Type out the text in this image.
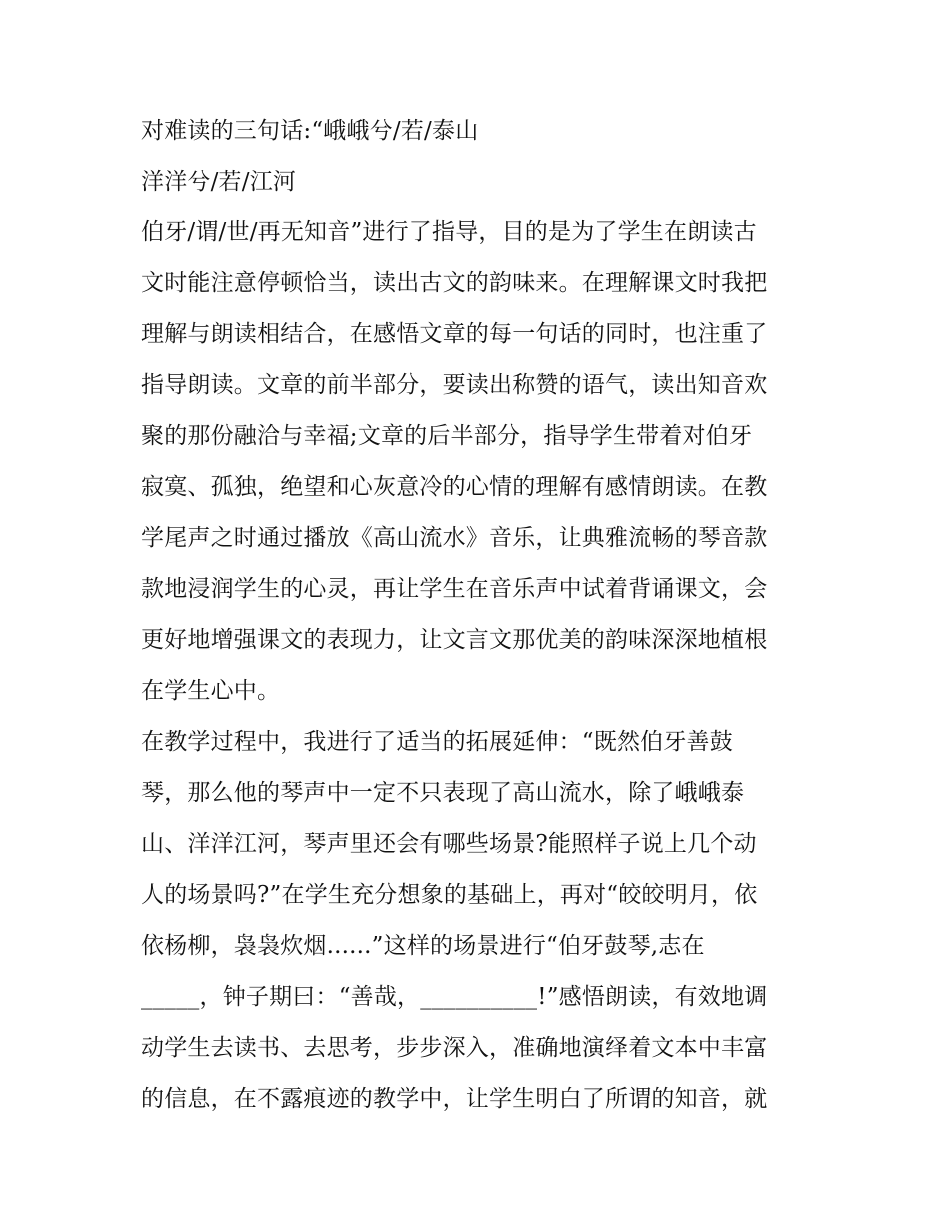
对难读的三句话:“峨峨兮/若/泰山
洋洋兮/若/江河
伯牙/谓/世/再无知音”进行了指导，目的是为了学生在朗读古
文时能注意停顿恰当，读出古文的韵味来。在理解课文时我把
理解与朗读相结合，在感悟文章的每一句话的同时，也注重了
指导朗读。文章的前半部分，要读出称赞的语气，读出知音欢
聚的那份融洽与幸福;文章的后半部分，指导学生带着对伯牙
寂寞、孤独，绝望和心灰意冷的心情的理解有感情朗读。在教
学尾声之时通过播放《高山流水》音乐，让典雅流畅的琴音款
款地浸润学生的心灵，再让学生在音乐声中试着背诵课文，会
更好地增强课文的表现力，让文言文那优美的韵味深深地植根
在学生心中。
在教学过程中，我进行了适当的拓展延伸：“既然伯牙善鼓
琴，那么他的琴声中一定不只表现了高山流水，除了峨峨泰
山、洋洋江河，琴声里还会有哪些场景?能照样子说上几个动
人的场景吗?”在学生充分想象的基础上，再对“皎皎明月，依
依杨柳，袅袅炊烟......”这样的场景进行“伯牙鼓琴,志在
_____，钟子期曰：“善哉，__________!”感悟朗读，有效地调
动学生去读书、去思考，步步深入，准确地演绎着文本中丰富
的信息，在不露痕迹的教学中，让学生明白了所谓的知音，就
